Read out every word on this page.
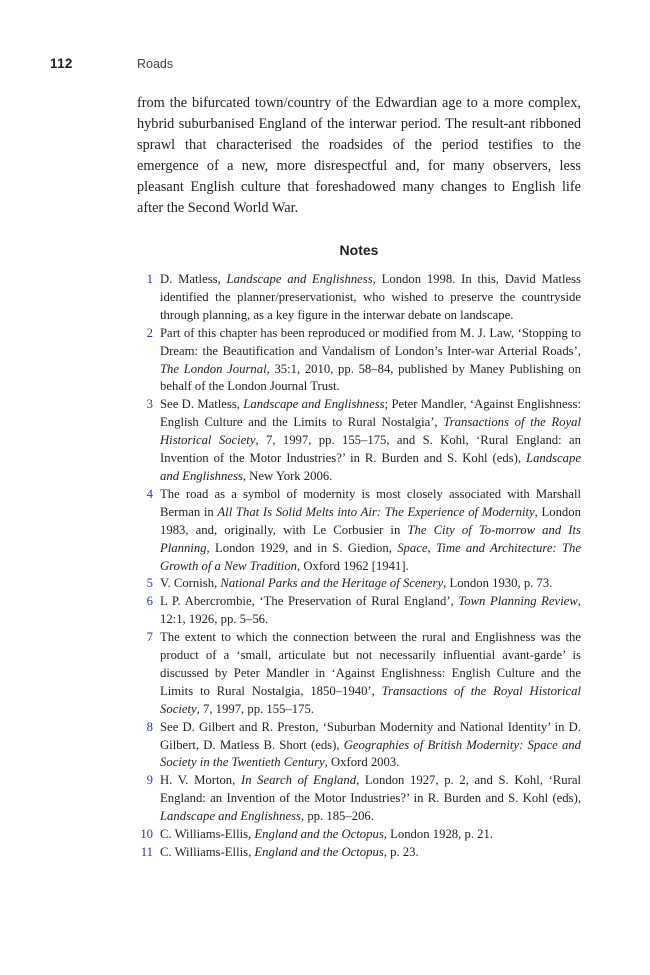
112	Roads

from the bifurcated town/country of the Edwardian age to a more complex, hybrid suburbanised England of the interwar period. The result-ant ribboned sprawl that characterised the roadsides of the period testifies to the emergence of a new, more disrespectful and, for many observers, less pleasant English culture that foreshadowed many changes to English life after the Second World War.

Notes
1 D. Matless, Landscape and Englishness, London 1998. In this, David Matless identified the planner/preservationist, who wished to preserve the countryside through planning, as a key figure in the interwar debate on landscape.
2 Part of this chapter has been reproduced or modified from M. J. Law, ‘Stopping to Dream: the Beautification and Vandalism of London’s Inter-war Arterial Roads’, The London Journal, 35:1, 2010, pp. 58–84, published by Maney Publishing on behalf of the London Journal Trust.
3 See D. Matless, Landscape and Englishness; Peter Mandler, ‘Against Englishness: English Culture and the Limits to Rural Nostalgia’, Transactions of the Royal Historical Society, 7, 1997, pp. 155–175, and S. Kohl, ‘Rural England: an Invention of the Motor Industries?’ in R. Burden and S. Kohl (eds), Landscape and Englishness, New York 2006.
4 The road as a symbol of modernity is most closely associated with Marshall Berman in All That Is Solid Melts into Air: The Experience of Modernity, London 1983, and, originally, with Le Corbusier in The City of To-morrow and Its Planning, London 1929, and in S. Giedion, Space, Time and Architecture: The Growth of a New Tradition, Oxford 1962 [1941].
5 V. Cornish, National Parks and the Heritage of Scenery, London 1930, p. 73.
6 L P. Abercrombie, ‘The Preservation of Rural England’, Town Planning Review, 12:1, 1926, pp. 5–56.
7 The extent to which the connection between the rural and Englishness was the product of a ‘small, articulate but not necessarily influential avant-garde’ is discussed by Peter Mandler in ‘Against Englishness: English Culture and the Limits to Rural Nostalgia, 1850–1940’, Transactions of the Royal Historical Society, 7, 1997, pp. 155–175.
8 See D. Gilbert and R. Preston, ‘Suburban Modernity and National Identity’ in D. Gilbert, D. Matless B. Short (eds), Geographies of British Modernity: Space and Society in the Twentieth Century, Oxford 2003.
9 H. V. Morton, In Search of England, London 1927, p. 2, and S. Kohl, ‘Rural England: an Invention of the Motor Industries?’ in R. Burden and S. Kohl (eds), Landscape and Englishness, pp. 185–206.
10 C. Williams-Ellis, England and the Octopus, London 1928, p. 21.
11 C. Williams-Ellis, England and the Octopus, p. 23.
